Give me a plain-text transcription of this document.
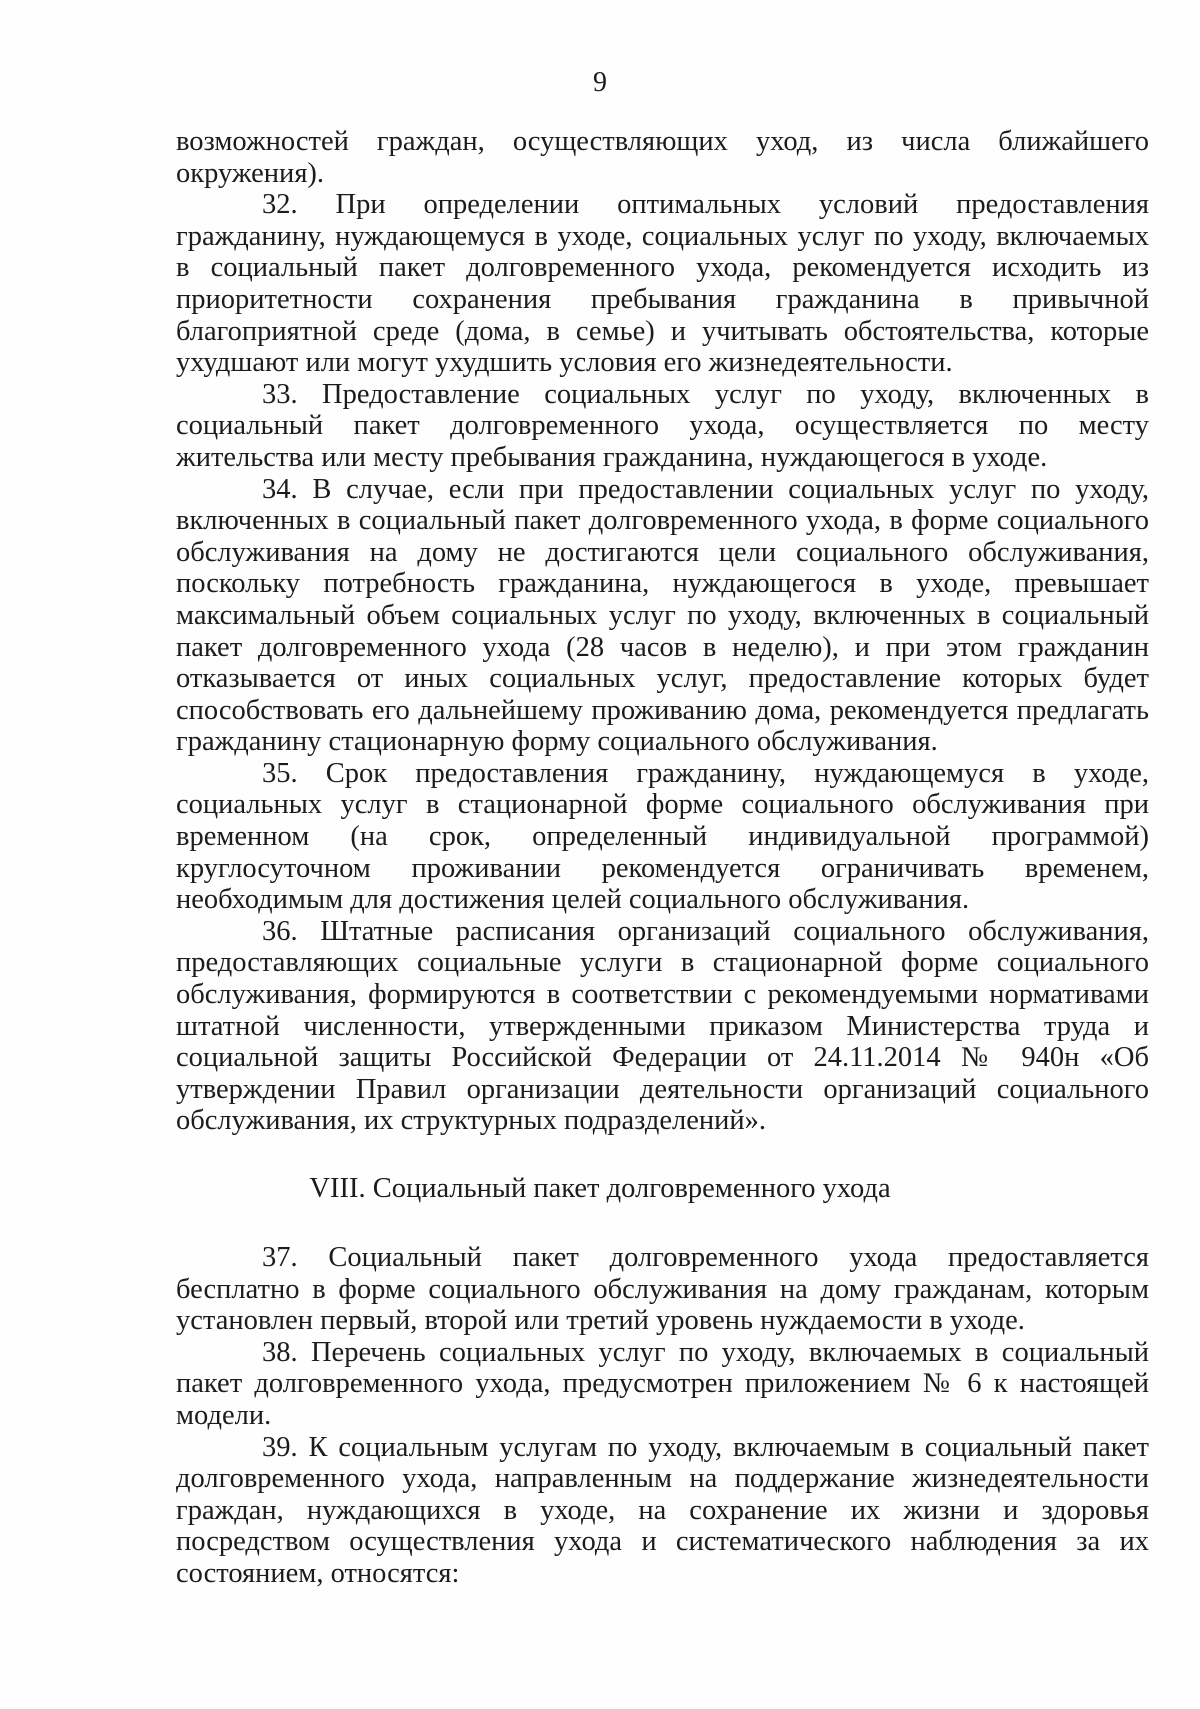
9

возможностей граждан, осуществляющих уход, из числа ближайшего окружения).

32. При определении оптимальных условий предоставления гражданину, нуждающемуся в уходе, социальных услуг по уходу, включаемых в социальный пакет долговременного ухода, рекомендуется исходить из приоритетности сохранения пребывания гражданина в привычной благоприятной среде (дома, в семье) и учитывать обстоятельства, которые ухудшают или могут ухудшить условия его жизнедеятельности.

33. Предоставление социальных услуг по уходу, включенных в социальный пакет долговременного ухода, осуществляется по месту жительства или месту пребывания гражданина, нуждающегося в уходе.

34. В случае, если при предоставлении социальных услуг по уходу, включенных в социальный пакет долговременного ухода, в форме социального обслуживания на дому не достигаются цели социального обслуживания, поскольку потребность гражданина, нуждающегося в уходе, превышает максимальный объем социальных услуг по уходу, включенных в социальный пакет долговременного ухода (28 часов в неделю), и при этом гражданин отказывается от иных социальных услуг, предоставление которых будет способствовать его дальнейшему проживанию дома, рекомендуется предлагать гражданину стационарную форму социального обслуживания.

35. Срок предоставления гражданину, нуждающемуся в уходе, социальных услуг в стационарной форме социального обслуживания при временном (на срок, определенный индивидуальной программой) круглосуточном проживании рекомендуется ограничивать временем, необходимым для достижения целей социального обслуживания.

36. Штатные расписания организаций социального обслуживания, предоставляющих социальные услуги в стационарной форме социального обслуживания, формируются в соответствии с рекомендуемыми нормативами штатной численности, утвержденными приказом Министерства труда и социальной защиты Российской Федерации от 24.11.2014 № 940н «Об утверждении Правил организации деятельности организаций социального обслуживания, их структурных подразделений».

VIII. Социальный пакет долговременного ухода

37. Социальный пакет долговременного ухода предоставляется бесплатно в форме социального обслуживания на дому гражданам, которым установлен первый, второй или третий уровень нуждаемости в уходе.

38. Перечень социальных услуг по уходу, включаемых в социальный пакет долговременного ухода, предусмотрен приложением № 6 к настоящей модели.

39. К социальным услугам по уходу, включаемым в социальный пакет долговременного ухода, направленным на поддержание жизнедеятельности граждан, нуждающихся в уходе, на сохранение их жизни и здоровья посредством осуществления ухода и систематического наблюдения за их состоянием, относятся:
